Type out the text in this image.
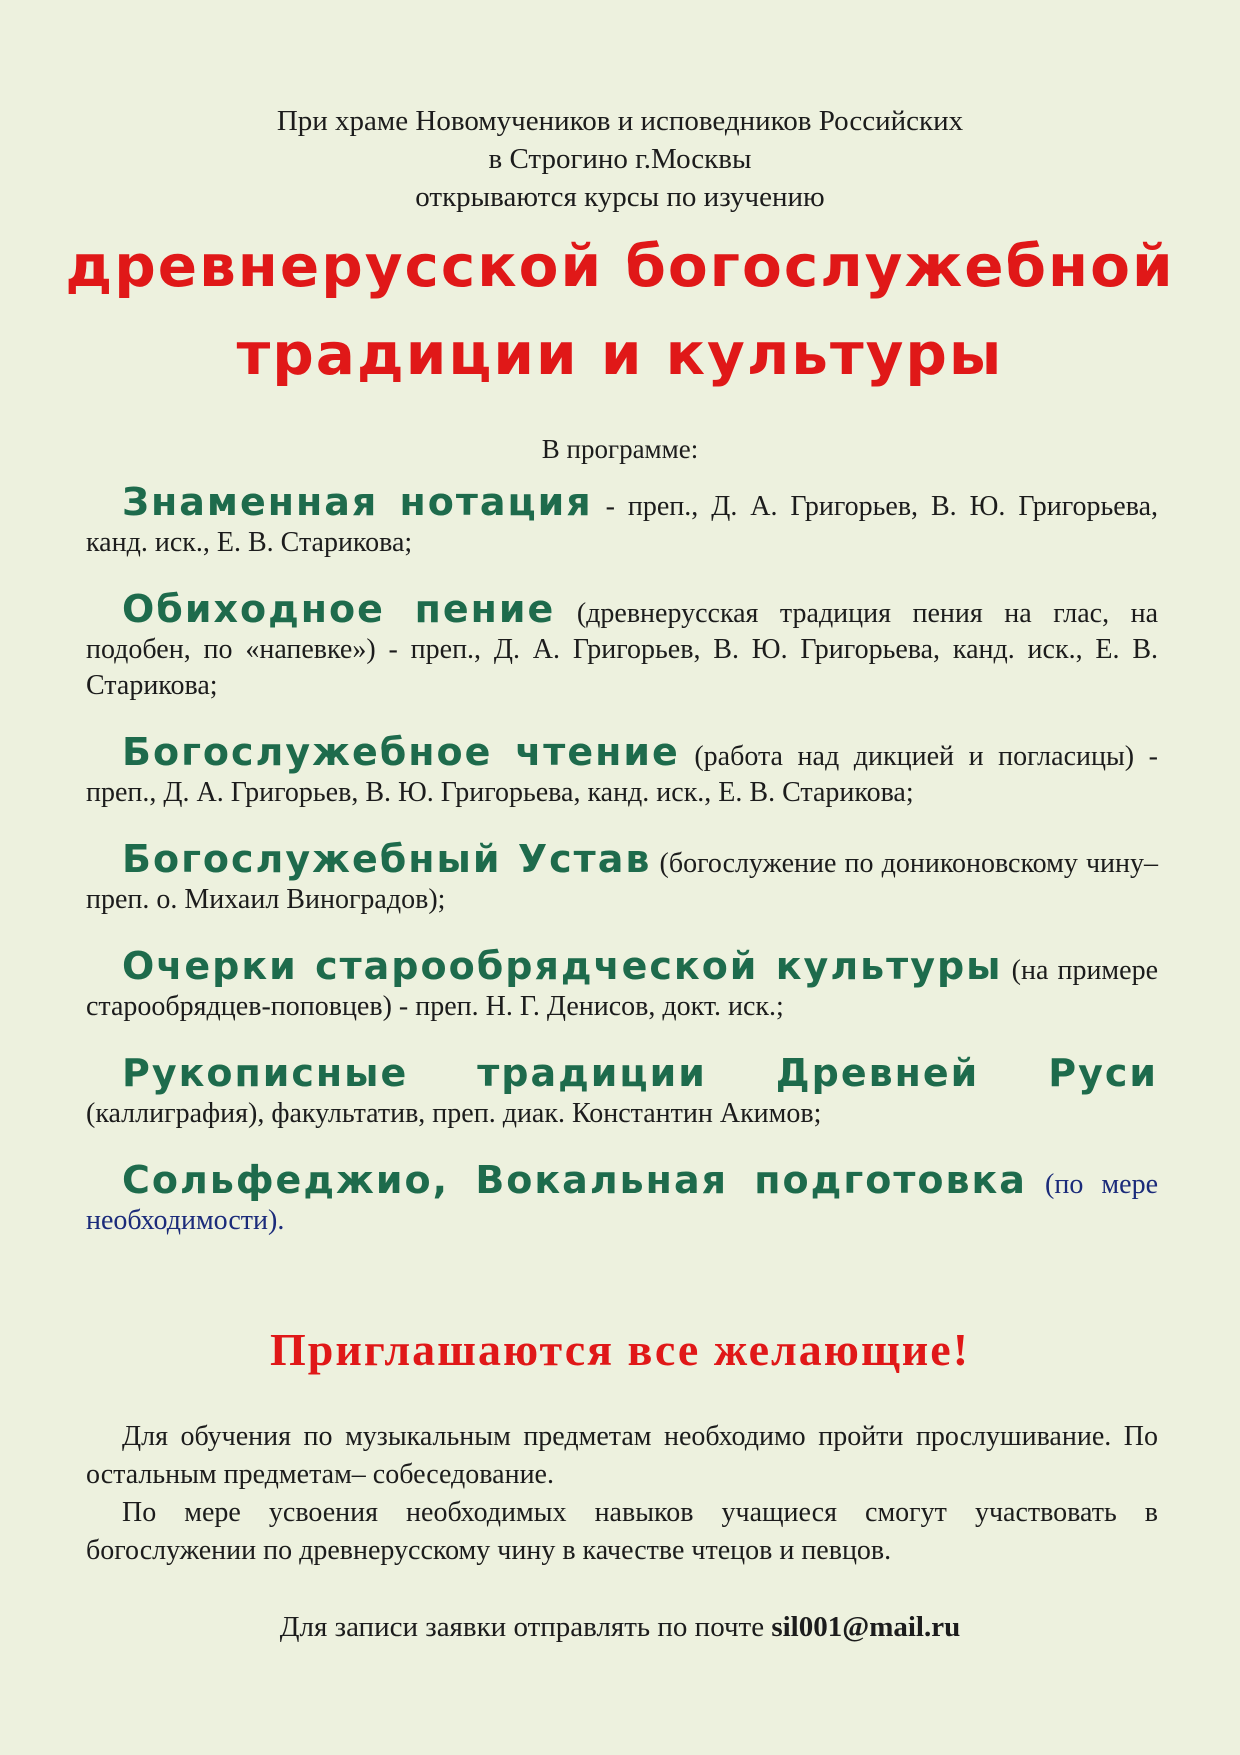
При храме Новомучеников и исповедников Российских
в Строгино г.Москвы
открываются курсы по изучению
древнерусской богослужебной
традиции и культуры
В программе:
Знаменная нотация - преп., Д. А. Григорьев, В. Ю. Григорьева, канд. иск., Е. В. Старикова;
Обиходное пение (древнерусская традиция пения на глас, на подобен, по «напевке») - преп., Д. А. Григорьев, В. Ю. Григорьева, канд. иск., Е. В. Старикова;
Богослужебное чтение (работа над дикцией и погласицы) - преп., Д. А. Григорьев, В. Ю. Григорьева, канд. иск., Е. В. Старикова;
Богослужебный Устав (богослужение по дониконовскому чину– преп. о. Михаил Виноградов);
Очерки старообрядческой культуры (на примере старообрядцев-поповцев) - преп. Н. Г. Денисов, докт. иск.;
Рукописные традиции Древней Руси (каллиграфия), факультатив, преп. диак. Константин Акимов;
Сольфеджио, Вокальная подготовка (по мере необходимости).
Приглашаются все желающие!

Для обучения по музыкальным предметам необходимо пройти прослушивание. По остальным предметам– собеседование.

По мере усвоения необходимых навыков учащиеся смогут участвовать в богослужении по древнерусскому чину в качестве чтецов и певцов.

Для записи заявки отправлять по почте sil001@mail.ru
